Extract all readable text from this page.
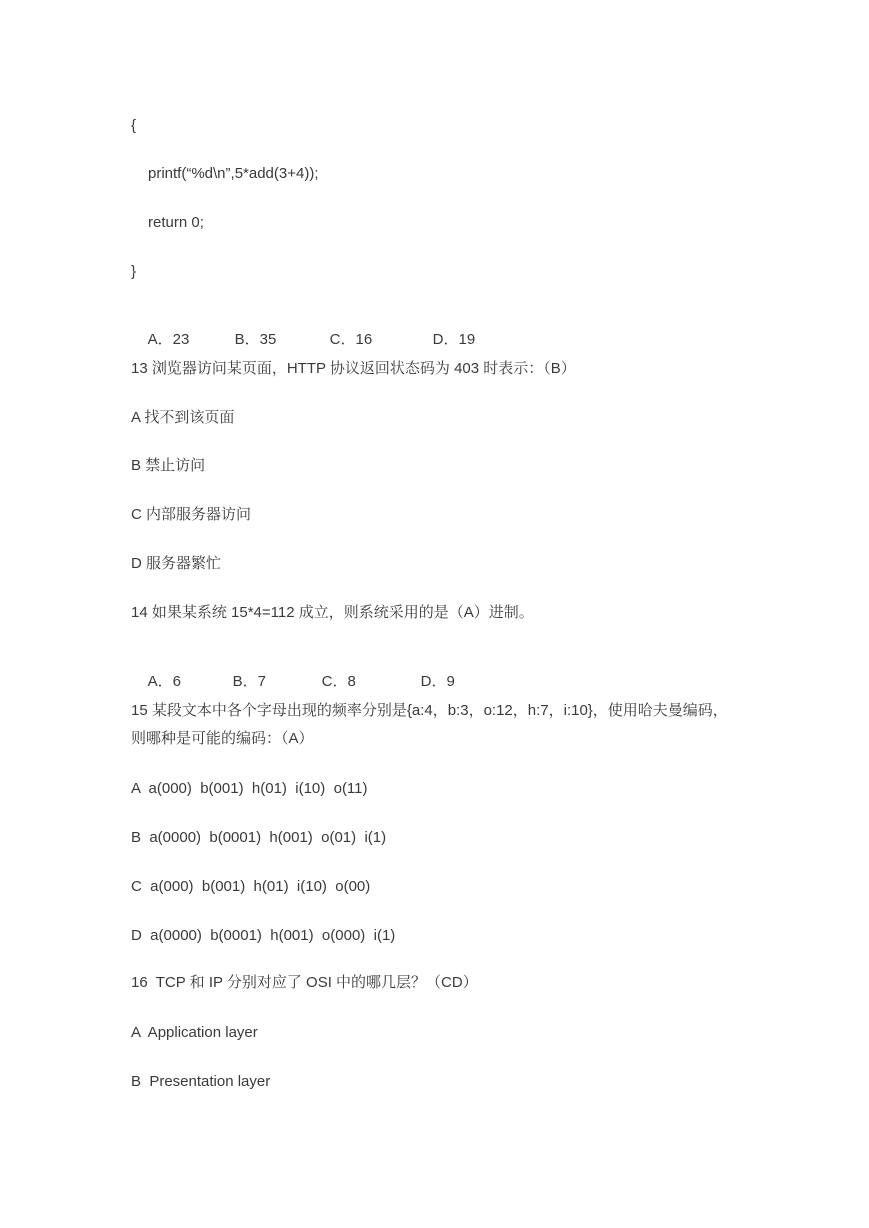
{
printf(“%d\n”,5*add(3+4));
return 0;
}

A．23	B．35	C．16	D．19

13 浏览器访问某页面，HTTP 协议返回状态码为 403 时表示：（B）
A 找不到该页面
B 禁止访问
C 内部服务器访问
D 服务器繁忙
14 如果某系统 15*4=112 成立，则系统采用的是（A）进制。

A．6	B．7	C．8	D．9

15 某段文本中各个字母出现的频率分别是{a:4，b:3，o:12，h:7，i:10}，使用哈夫曼编码，
则哪种是可能的编码：（A）
A  a(000)  b(001)  h(01)  i(10)  o(11)
B  a(0000)  b(0001)  h(001)  o(01)  i(1)
C  a(000)  b(001)  h(01)  i(10)  o(00)
D  a(0000)  b(0001)  h(001)  o(000)  i(1)
16  TCP 和 IP 分别对应了 OSI 中的哪几层？（CD）
A  Application layer
B  Presentation layer
